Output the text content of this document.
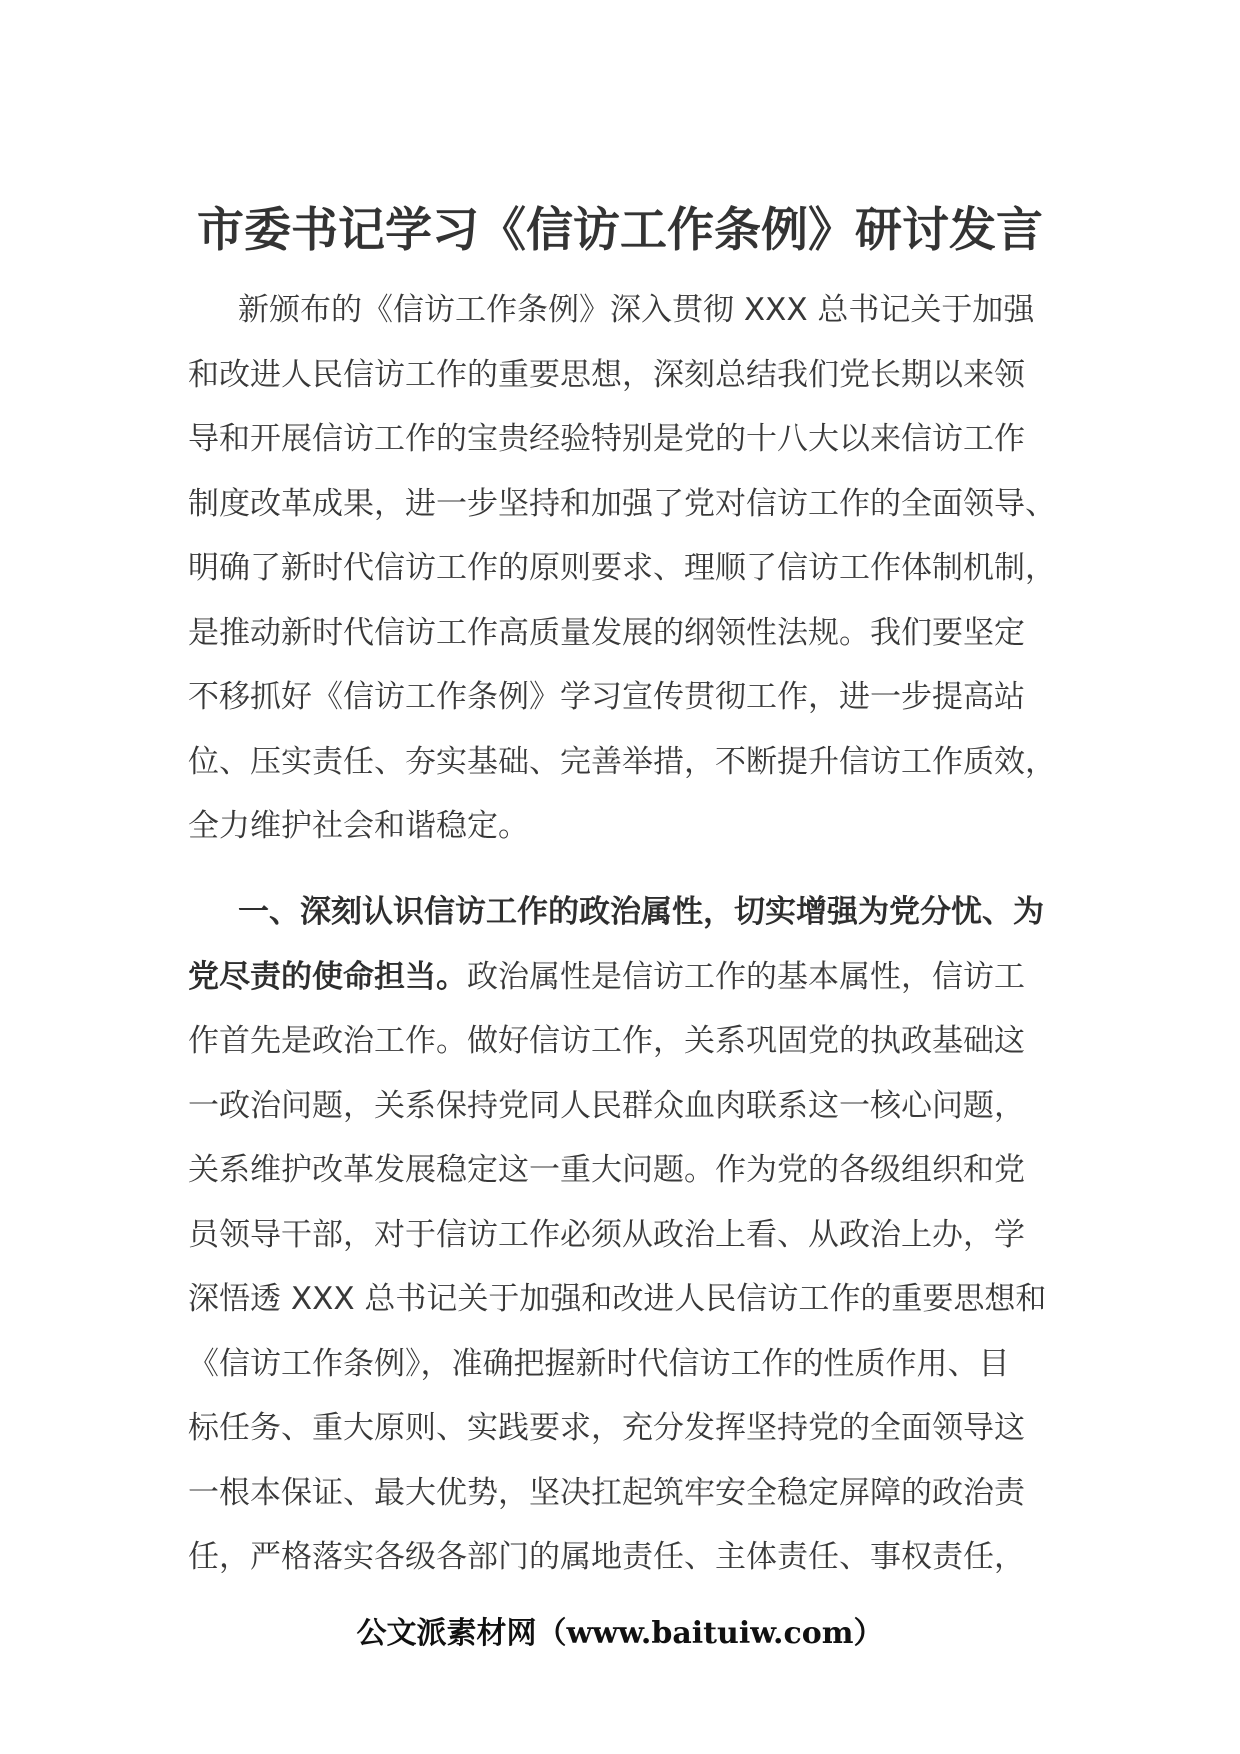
市委书记学习《信访工作条例》研讨发言
新颁布的《信访工作条例》深入贯彻 XXX 总书记关于加强
和改进人民信访工作的重要思想，深刻总结我们党长期以来领
导和开展信访工作的宝贵经验特别是党的十八大以来信访工作
制度改革成果，进一步坚持和加强了党对信访工作的全面领导、
明确了新时代信访工作的原则要求、理顺了信访工作体制机制，
是推动新时代信访工作高质量发展的纲领性法规。我们要坚定
不移抓好《信访工作条例》学习宣传贯彻工作，进一步提高站
位、压实责任、夯实基础、完善举措，不断提升信访工作质效，
全力维护社会和谐稳定。
一、深刻认识信访工作的政治属性，切实增强为党分忧、为
党尽责的使命担当。政治属性是信访工作的基本属性，信访工
作首先是政治工作。做好信访工作，关系巩固党的执政基础这
一政治问题，关系保持党同人民群众血肉联系这一核心问题，
关系维护改革发展稳定这一重大问题。作为党的各级组织和党
员领导干部，对于信访工作必须从政治上看、从政治上办，学
深悟透 XXX 总书记关于加强和改进人民信访工作的重要思想和
《信访工作条例》，准确把握新时代信访工作的性质作用、目
标任务、重大原则、实践要求，充分发挥坚持党的全面领导这
一根本保证、最大优势，坚决扛起筑牢安全稳定屏障的政治责
任，严格落实各级各部门的属地责任、主体责任、事权责任，
公文派素材网（www.baituiw.com）
